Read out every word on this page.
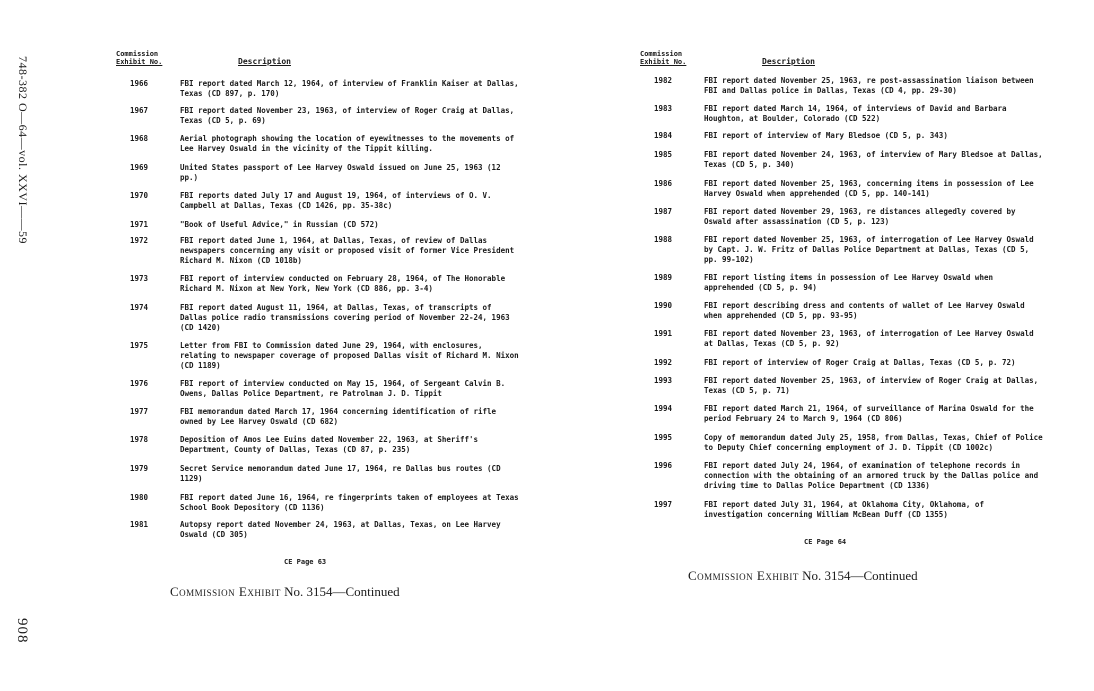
748-382 O—64—vol. XXVI——59
908
Commission
Exhibit No.	Description
1966	FBI report dated March 12, 1964, of interview of Franklin Kaiser at Dallas, Texas (CD 897, p. 170)
1967	FBI report dated November 23, 1963, of interview of Roger Craig at Dallas, Texas (CD 5, p. 69)
1968	Aerial photograph showing the location of eyewitnesses to the movements of Lee Harvey Oswald in the vicinity of the Tippit killing.
1969	United States passport of Lee Harvey Oswald issued on June 25, 1963 (12 pp.)
1970	FBI reports dated July 17 and August 19, 1964, of interviews of O. V. Campbell at Dallas, Texas (CD 1426, pp. 35-38c)
1971	"Book of Useful Advice," in Russian (CD 572)
1972	FBI report dated June 1, 1964, at Dallas, Texas, of review of Dallas newspapers concerning any visit or proposed visit of former Vice President Richard M. Nixon (CD 1018b)
1973	FBI report of interview conducted on February 28, 1964, of The Honorable Richard M. Nixon at New York, New York (CD 886, pp. 3-4)
1974	FBI report dated August 11, 1964, at Dallas, Texas, of transcripts of Dallas police radio transmissions covering period of November 22-24, 1963 (CD 1420)
1975	Letter from FBI to Commission dated June 29, 1964, with enclosures, relating to newspaper coverage of proposed Dallas visit of Richard M. Nixon (CD 1189)
1976	FBI report of interview conducted on May 15, 1964, of Sergeant Calvin B. Owens, Dallas Police Department, re Patrolman J. D. Tippit
1977	FBI memorandum dated March 17, 1964 concerning identification of rifle owned by Lee Harvey Oswald (CD 682)
1978	Deposition of Amos Lee Euins dated November 22, 1963, at Sheriff's Department, County of Dallas, Texas (CD 87, p. 235)
1979	Secret Service memorandum dated June 17, 1964, re Dallas bus routes (CD 1129)
1980	FBI report dated June 16, 1964, re fingerprints taken of employees at Texas School Book Depository (CD 1136)
1981	Autopsy report dated November 24, 1963, at Dallas, Texas, on Lee Harvey Oswald (CD 305)
CE Page 63
Commission Exhibit No. 3154—Continued
Commission
Exhibit No.	Description
1982	FBI report dated November 25, 1963, re post-assassination liaison between FBI and Dallas police in Dallas, Texas (CD 4, pp. 29-30)
1983	FBI report dated March 14, 1964, of interviews of David and Barbara Houghton, at Boulder, Colorado (CD 522)
1984	FBI report of interview of Mary Bledsoe (CD 5, p. 343)
1985	FBI report dated November 24, 1963, of interview of Mary Bledsoe at Dallas, Texas (CD 5, p. 340)
1986	FBI report dated November 25, 1963, concerning items in possession of Lee Harvey Oswald when apprehended (CD 5, pp. 140-141)
1987	FBI report dated November 29, 1963, re distances allegedly covered by Oswald after assassination (CD 5, p. 123)
1988	FBI report dated November 25, 1963, of interrogation of Lee Harvey Oswald by Capt. J. W. Fritz of Dallas Police Department at Dallas, Texas (CD 5, pp. 99-102)
1989	FBI report listing items in possession of Lee Harvey Oswald when apprehended (CD 5, p. 94)
1990	FBI report describing dress and contents of wallet of Lee Harvey Oswald when apprehended (CD 5, pp. 93-95)
1991	FBI report dated November 23, 1963, of interrogation of Lee Harvey Oswald at Dallas, Texas (CD 5, p. 92)
1992	FBI report of interview of Roger Craig at Dallas, Texas (CD 5, p. 72)
1993	FBI report dated November 25, 1963, of interview of Roger Craig at Dallas, Texas (CD 5, p. 71)
1994	FBI report dated March 21, 1964, of surveillance of Marina Oswald for the period February 24 to March 9, 1964 (CD 806)
1995	Copy of memorandum dated July 25, 1958, from Dallas, Texas, Chief of Police to Deputy Chief concerning employment of J. D. Tippit (CD 1002c)
1996	FBI report dated July 24, 1964, of examination of telephone records in connection with the obtaining of an armored truck by the Dallas police and driving time to Dallas Police Department (CD 1336)
1997	FBI report dated July 31, 1964, at Oklahoma City, Oklahoma, of investigation concerning William McBean Duff (CD 1355)
CE Page 64
Commission Exhibit No. 3154—Continued
